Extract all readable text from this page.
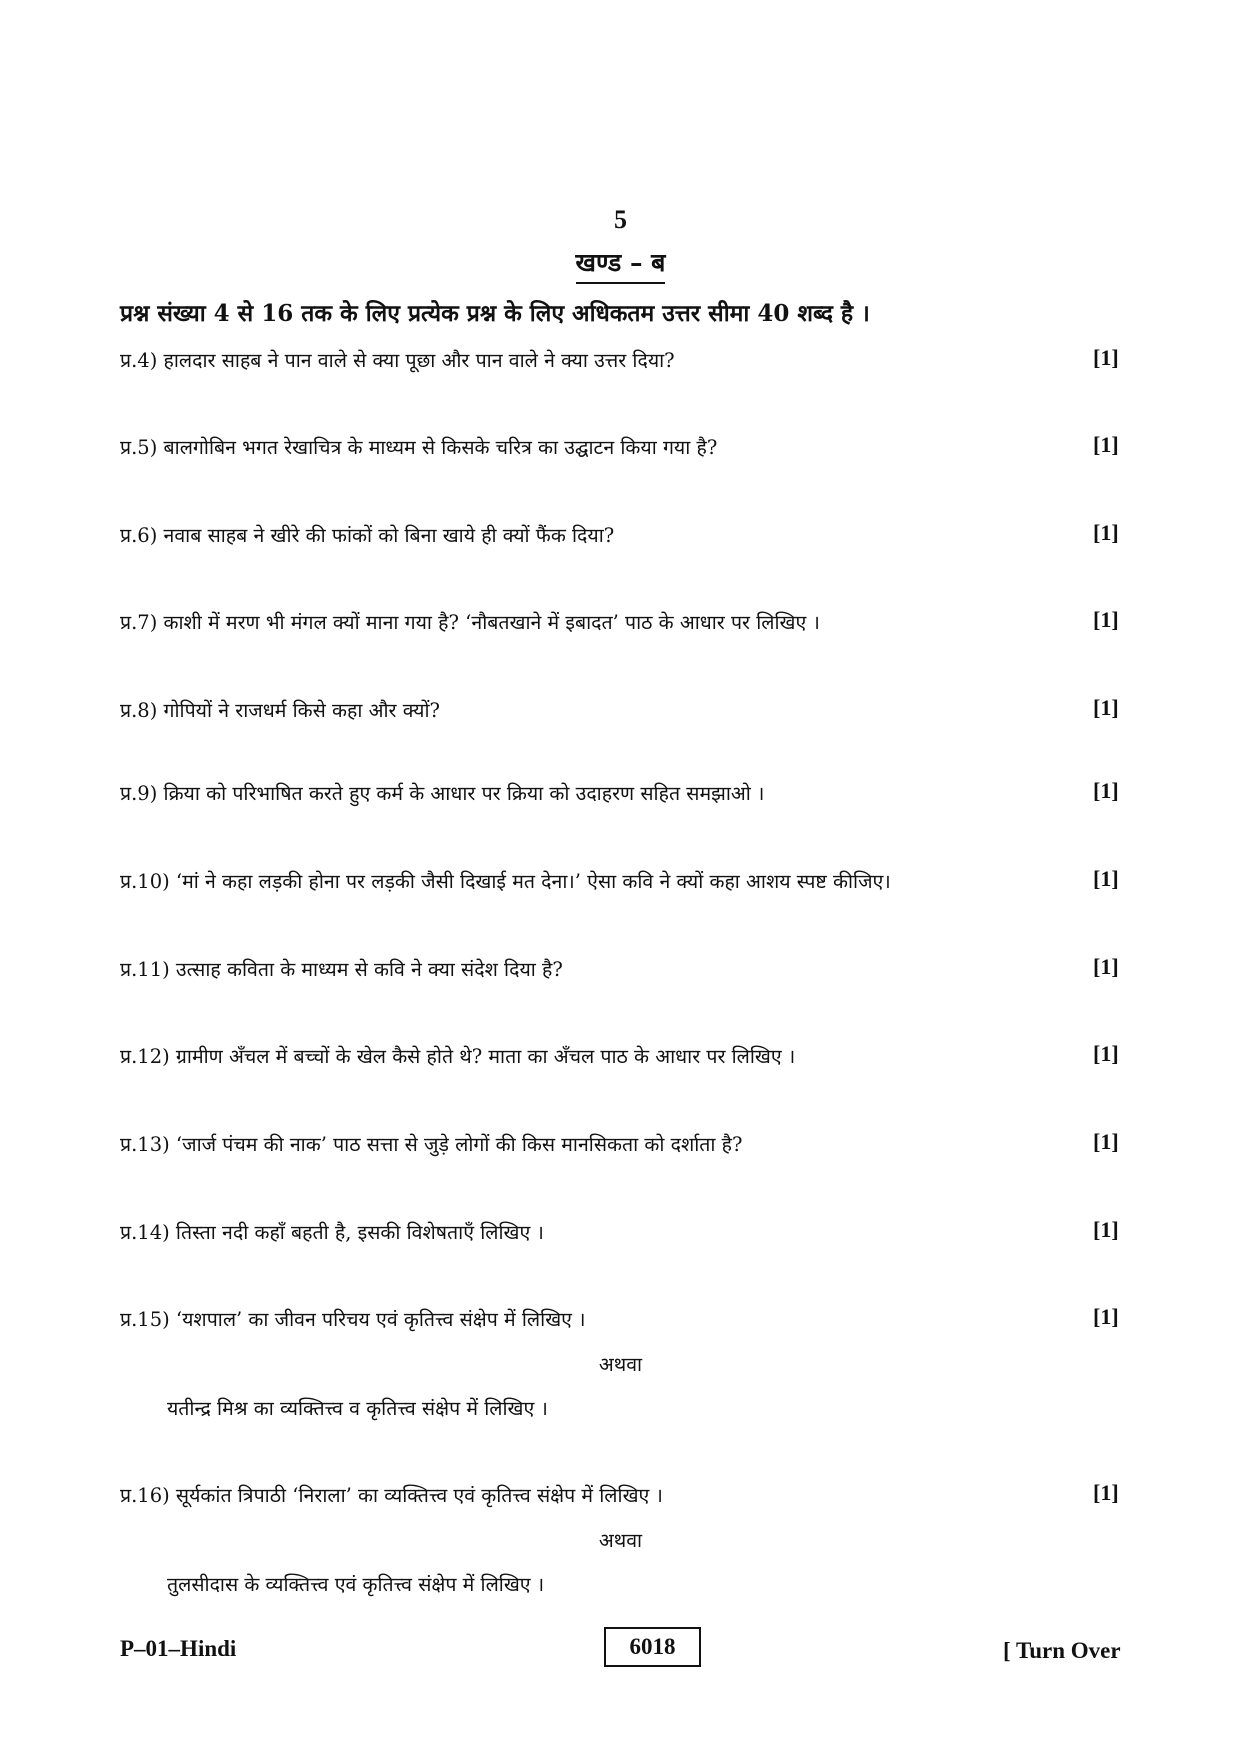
5
खण्ड – ब
प्रश्न संख्या 4 से 16 तक के लिए प्रत्येक प्रश्न के लिए अधिकतम उत्तर सीमा 40 शब्द है ।
प्र.4) हालदार साहब ने पान वाले से क्या पूछा और पान वाले ने क्या उत्तर दिया?	[1]
प्र.5) बालगोबिन भगत रेखाचित्र के माध्यम से किसके चरित्र का उद्घाटन किया गया है?	[1]
प्र.6) नवाब साहब ने खीरे की फांकों को बिना खाये ही क्यों फैंक दिया?	[1]
प्र.7) काशी में मरण भी मंगल क्यों माना गया है? ‘नौबतखाने में इबादत’ पाठ के आधार पर लिखिए ।	[1]
प्र.8) गोपियों ने राजधर्म किसे कहा और क्यों?	[1]
प्र.9) क्रिया को परिभाषित करते हुए कर्म के आधार पर क्रिया को उदाहरण सहित समझाओ ।	[1]
प्र.10) ‘मां ने कहा लड़की होना पर लड़की जैसी दिखाई मत देना।’ ऐसा कवि ने क्यों कहा आशय स्पष्ट कीजिए।	[1]
प्र.11) उत्साह कविता के माध्यम से कवि ने क्या संदेश दिया है?	[1]
प्र.12) ग्रामीण अँचल में बच्चों के खेल कैसे होते थे? माता का अँचल पाठ के आधार पर लिखिए ।	[1]
प्र.13) ‘जार्ज पंचम की नाक’ पाठ सत्ता से जुड़े लोगों की किस मानसिकता को दर्शाता है?	[1]
प्र.14) तिस्ता नदी कहाँ बहती है, इसकी विशेषताएँ लिखिए ।	[1]
प्र.15) ‘यशपाल’ का जीवन परिचय एवं कृतित्त्व संक्षेप में लिखिए ।	[1]
अथवा
यतीन्द्र मिश्र का व्यक्तित्त्व व कृतित्त्व संक्षेप में लिखिए ।
प्र.16) सूर्यकांत त्रिपाठी ‘निराला’ का व्यक्तित्त्व एवं कृतित्त्व संक्षेप में लिखिए ।	[1]
अथवा
तुलसीदास के व्यक्तित्त्व एवं कृतित्त्व संक्षेप में लिखिए ।
P–01–Hindi	6018	[ Turn Over
